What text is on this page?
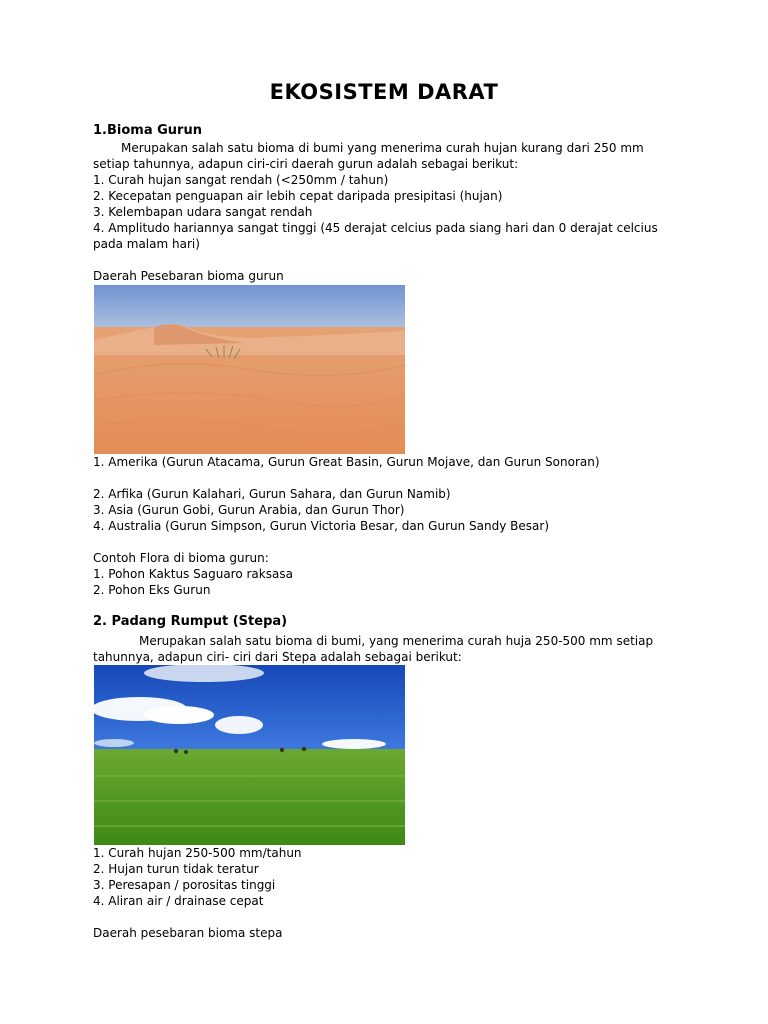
EKOSISTEM DARAT
1.Bioma Gurun
Merupakan salah satu bioma di bumi yang menerima curah hujan kurang dari 250 mm
setiap tahunnya, adapun ciri-ciri daerah gurun adalah sebagai berikut:
1. Curah hujan sangat rendah (<250mm / tahun)
2. Kecepatan penguapan air lebih cepat daripada presipitasi (hujan)
3. Kelembapan udara sangat rendah
4. Amplitudo hariannya sangat tinggi (45 derajat celcius pada siang hari dan 0 derajat celcius
pada malam hari)
Daerah Pesebaran bioma gurun
1. Amerika (Gurun Atacama, Gurun Great Basin, Gurun Mojave, dan Gurun Sonoran)
2. Arfika (Gurun Kalahari, Gurun Sahara, dan Gurun Namib)
3. Asia (Gurun Gobi, Gurun Arabia, dan Gurun Thor)
4. Australia (Gurun Simpson, Gurun Victoria Besar, dan Gurun Sandy Besar)
Contoh Flora di bioma gurun:
1. Pohon Kaktus Saguaro raksasa
2. Pohon Eks Gurun
2. Padang Rumput (Stepa)
Merupakan salah satu bioma di bumi, yang menerima curah huja 250-500 mm setiap
tahunnya, adapun ciri- ciri dari Stepa adalah sebagai berikut:
1. Curah hujan 250-500 mm/tahun
2. Hujan turun tidak teratur
3. Peresapan / porositas tinggi
4. Aliran air / drainase cepat
Daerah pesebaran bioma stepa
